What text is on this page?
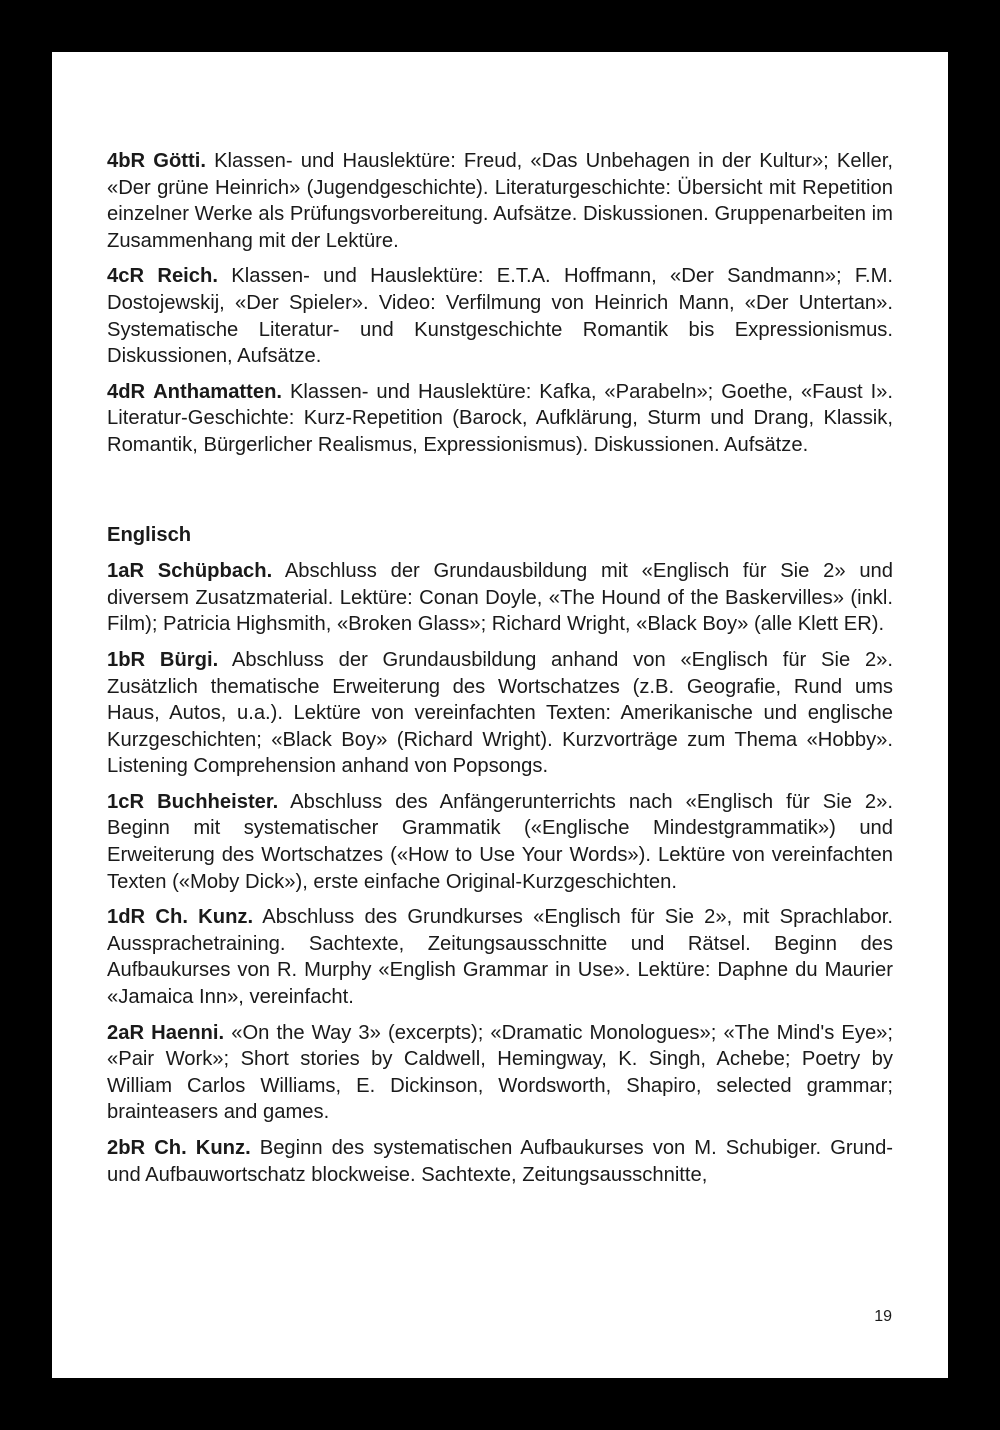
4bR Götti. Klassen- und Hauslektüre: Freud, «Das Unbehagen in der Kultur»; Keller, «Der grüne Heinrich» (Jugendgeschichte). Literaturgeschichte: Übersicht mit Repetition einzelner Werke als Prüfungsvorbereitung. Aufsätze. Diskussionen. Gruppenarbeiten im Zusammenhang mit der Lektüre.

4cR Reich. Klassen- und Hauslektüre: E.T.A. Hoffmann, «Der Sandmann»; F.M. Dostojewskij, «Der Spieler». Video: Verfilmung von Heinrich Mann, «Der Untertan». Systematische Literatur- und Kunstgeschichte Romantik bis Expressionismus. Diskussionen, Aufsätze.

4dR Anthamatten. Klassen- und Hauslektüre: Kafka, «Parabeln»; Goethe, «Faust I». Literatur-Geschichte: Kurz-Repetition (Barock, Aufklärung, Sturm und Drang, Klassik, Romantik, Bürgerlicher Realismus, Expressionismus). Diskussionen. Aufsätze.

Englisch

1aR Schüpbach. Abschluss der Grundausbildung mit «Englisch für Sie 2» und diversem Zusatzmaterial. Lektüre: Conan Doyle, «The Hound of the Baskervilles» (inkl. Film); Patricia Highsmith, «Broken Glass»; Richard Wright, «Black Boy» (alle Klett ER).

1bR Bürgi. Abschluss der Grundausbildung anhand von «Englisch für Sie 2». Zusätzlich thematische Erweiterung des Wortschatzes (z.B. Geografie, Rund ums Haus, Autos, u.a.). Lektüre von vereinfachten Texten: Amerikanische und englische Kurzgeschichten; «Black Boy» (Richard Wright). Kurzvorträge zum Thema «Hobby». Listening Comprehension anhand von Popsongs.

1cR Buchheister. Abschluss des Anfängerunterrichts nach «Englisch für Sie 2». Beginn mit systematischer Grammatik («Englische Mindestgrammatik») und Erweiterung des Wortschatzes («How to Use Your Words»). Lektüre von vereinfachten Texten («Moby Dick»), erste einfache Original-Kurzgeschichten.

1dR Ch. Kunz. Abschluss des Grundkurses «Englisch für Sie 2», mit Sprachlabor. Aussprachetraining. Sachtexte, Zeitungsausschnitte und Rätsel. Beginn des Aufbaukurses von R. Murphy «English Grammar in Use». Lektüre: Daphne du Maurier «Jamaica Inn», vereinfacht.

2aR Haenni. «On the Way 3» (excerpts); «Dramatic Monologues»; «The Mind's Eye»; «Pair Work»; Short stories by Caldwell, Hemingway, K. Singh, Achebe; Poetry by William Carlos Williams, E. Dickinson, Wordsworth, Shapiro, selected grammar; brainteasers and games.

2bR Ch. Kunz. Beginn des systematischen Aufbaukurses von M. Schubiger. Grund- und Aufbauwortschatz blockweise. Sachtexte, Zeitungsausschnitte,

19
